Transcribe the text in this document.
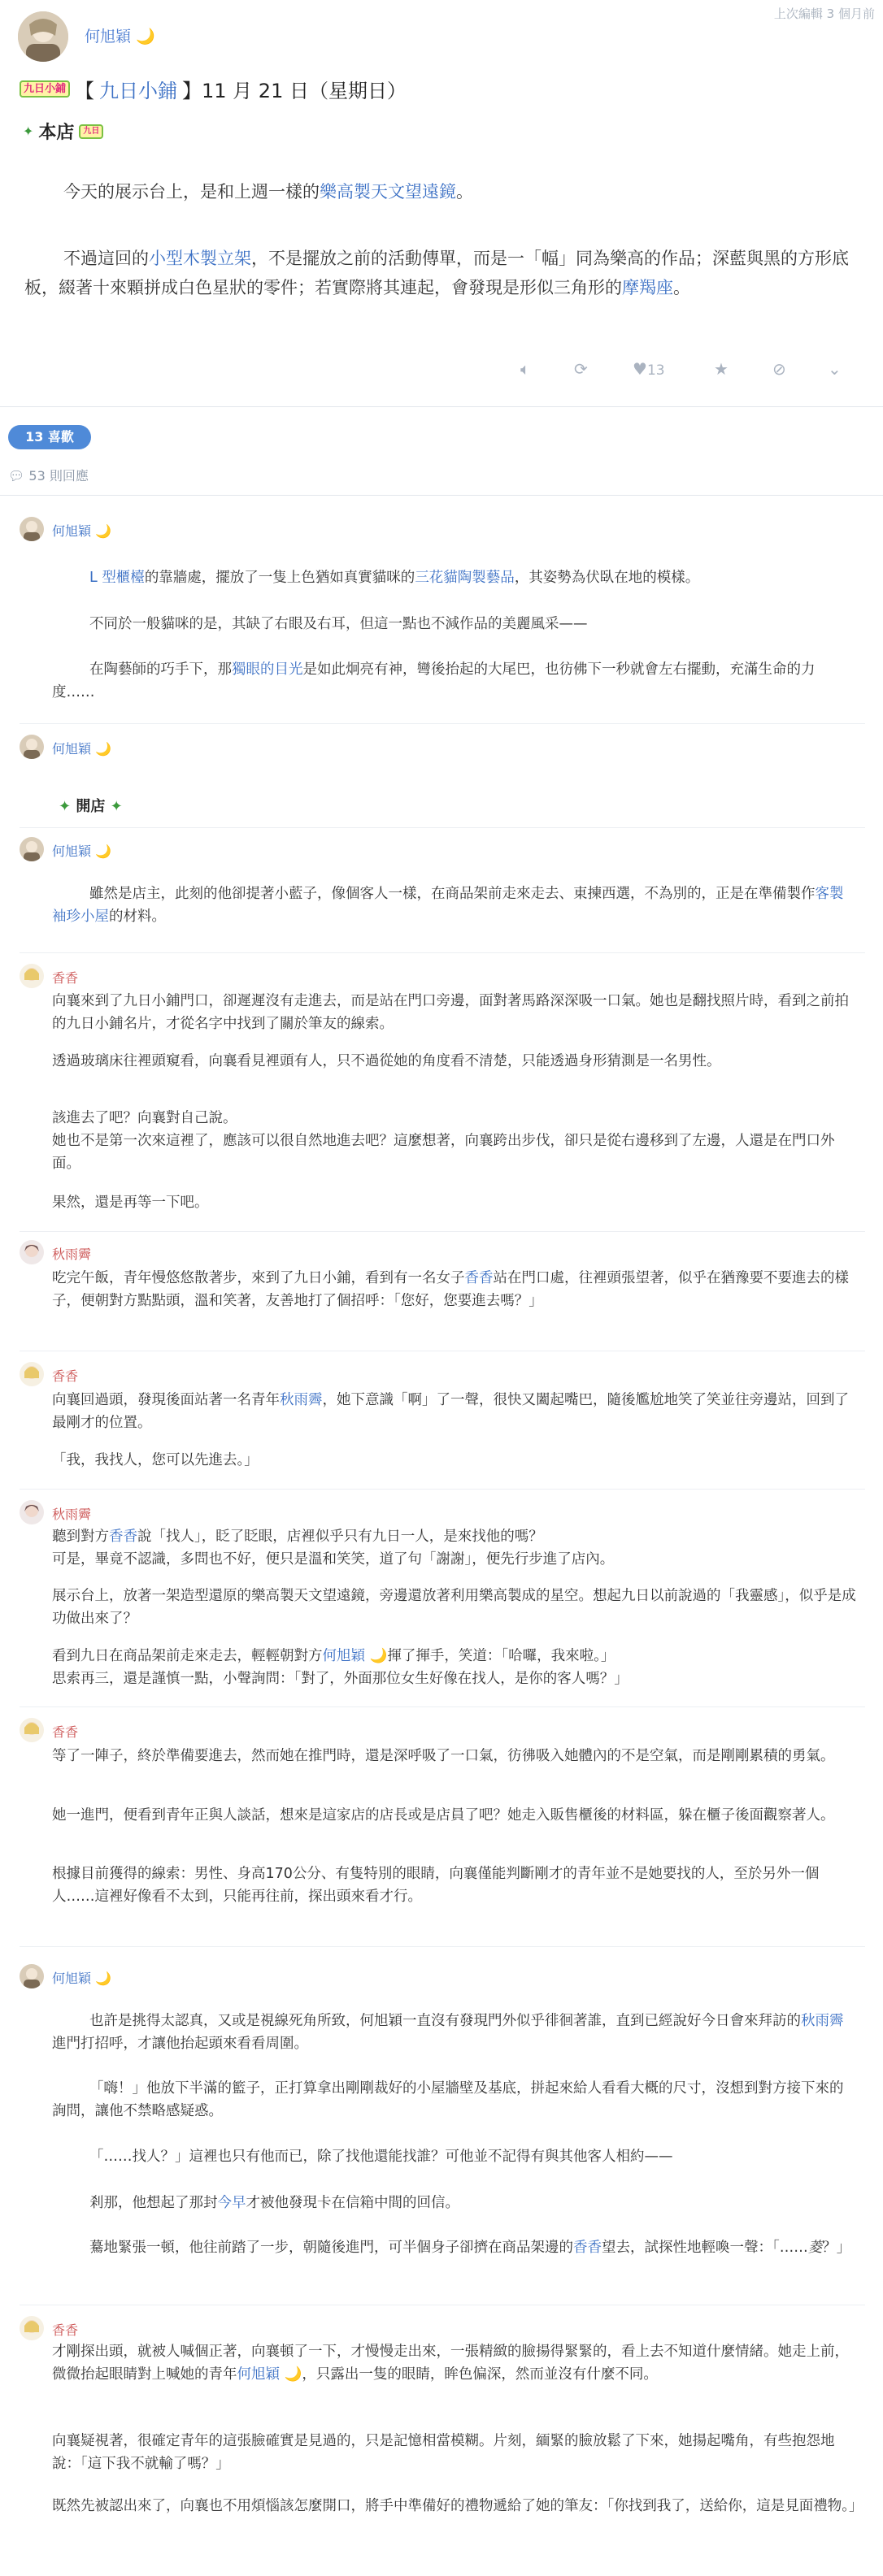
何旭穎 🌙
上次編輯 3 個月前
九日小鋪 【 九日小鋪 】11 月 21 日（星期日）
✦ 本店	九日

今天的展示台上，是和上週一樣的樂高製天文望遠鏡。

不過這回的小型木製立架，不是擺放之前的活動傳單，而是一「幅」同為樂高的作品；深藍與黑的方形底板，綴著十來顆拼成白色星狀的零件；若實際將其連起，會發現是形似三角形的摩羯座。

🔈︎	⟳	♥︎ 13	★	⊘	⌄
13 喜歡
💬︎ 53 則回應
何旭穎 🌙
L 型櫃檯的靠牆處，擺放了一隻上色猶如真實貓咪的三花貓陶製藝品，其姿勢為伏臥在地的模樣。
不同於一般貓咪的是，其缺了右眼及右耳，但這一點也不減作品的美麗風采——
在陶藝師的巧手下，那獨眼的目光是如此炯亮有神，彎後抬起的大尾巴，也彷佛下一秒就會左右擺動，充滿生命的力度……
何旭穎 🌙
✦ 開店 ✦
何旭穎 🌙
雖然是店主，此刻的他卻提著小藍子，像個客人一樣，在商品架前走來走去、東揀西選，不為別的，正是在準備製作客製袖珍小屋的材料。
香香
向襄來到了九日小鋪門口，卻遲遲沒有走進去，而是站在門口旁邊，面對著馬路深深吸一口氣。她也是翻找照片時，看到之前拍的九日小鋪名片，才從名字中找到了關於筆友的線索。
透過玻璃床往裡頭窺看，向襄看見裡頭有人，只不過從她的角度看不清楚，只能透過身形猜測是一名男性。
該進去了吧？向襄對自己說。
她也不是第一次來這裡了，應該可以很自然地進去吧？這麼想著，向襄跨出步伐，卻只是從右邊移到了左邊，人還是在門口外面。
果然，還是再等一下吧。
秋雨霽
吃完午飯，青年慢悠悠散著步，來到了九日小鋪，看到有一名女子香香站在門口處，往裡頭張望著，似乎在猶豫要不要進去的樣子，便朝對方點點頭，溫和笑著，友善地打了個招呼：「您好，您要進去嗎？」
香香
向襄回過頭，發現後面站著一名青年秋雨霽，她下意識「啊」了一聲，很快又闔起嘴巴，隨後尷尬地笑了笑並往旁邊站，回到了最剛才的位置。
「我，我找人，您可以先進去。」
秋雨霽
聽到對方香香說「找人」，眨了眨眼，店裡似乎只有九日一人，是來找他的嗎？
可是，畢竟不認識，多問也不好，便只是溫和笑笑，道了句「謝謝」，便先行步進了店內。
展示台上，放著一架造型還原的樂高製天文望遠鏡，旁邊還放著利用樂高製成的星空。想起九日以前說過的「我靈感」，似乎是成功做出來了？
看到九日在商品架前走來走去，輕輕朝對方何旭穎 🌙揮了揮手，笑道：「哈囉，我來啦。」
思索再三，還是謹慎一點，小聲詢問：「對了，外面那位女生好像在找人，是你的客人嗎？」
香香
等了一陣子，終於準備要進去，然而她在推門時，還是深呼吸了一口氣，彷彿吸入她體內的不是空氣，而是剛剛累積的勇氣。
她一進門，便看到青年正與人談話，想來是這家店的店長或是店員了吧？她走入販售櫃後的材料區，躲在櫃子後面觀察著人。
根據目前獲得的線索：男性、身高170公分、有隻特別的眼睛，向襄僅能判斷剛才的青年並不是她要找的人，至於另外一個人……這裡好像看不太到，只能再往前，探出頭來看才行。
何旭穎 🌙
也許是挑得太認真，又或是視線死角所致，何旭穎一直沒有發現門外似乎徘徊著誰，直到已經說好今日會來拜訪的秋雨霽進門打招呼，才讓他抬起頭來看看周圍。
「嗨！」他放下半滿的籃子，正打算拿出剛剛裁好的小屋牆壁及基底，拼起來給人看看大概的尺寸，沒想到對方接下來的詢問，讓他不禁略感疑惑。
「……找人？」這裡也只有他而已，除了找他還能找誰？可他並不記得有與其他客人相約——
剎那，他想起了那封今早才被他發現卡在信箱中間的回信。
驀地緊張一頓，他往前踏了一步，朝隨後進門，可半個身子卻擠在商品架邊的香香望去，試探性地輕喚一聲：「……菱？」
香香
才剛探出頭，就被人喊個正著，向襄頓了一下，才慢慢走出來，一張精緻的臉揚得緊緊的，看上去不知道什麼情緒。她走上前，微微抬起眼睛對上喊她的青年何旭穎 🌙，只露出一隻的眼睛，眸色偏深，然而並沒有什麼不同。
向襄疑視著，很確定青年的這張臉確實是見過的，只是記憶相當模糊。片刻，緬緊的臉放鬆了下來，她揚起嘴角，有些抱怨地說：「這下我不就輸了嗎？」
既然先被認出來了，向襄也不用煩惱該怎麼開口，將手中準備好的禮物遞給了她的筆友：「你找到我了，送給你，這是見面禮物。」
